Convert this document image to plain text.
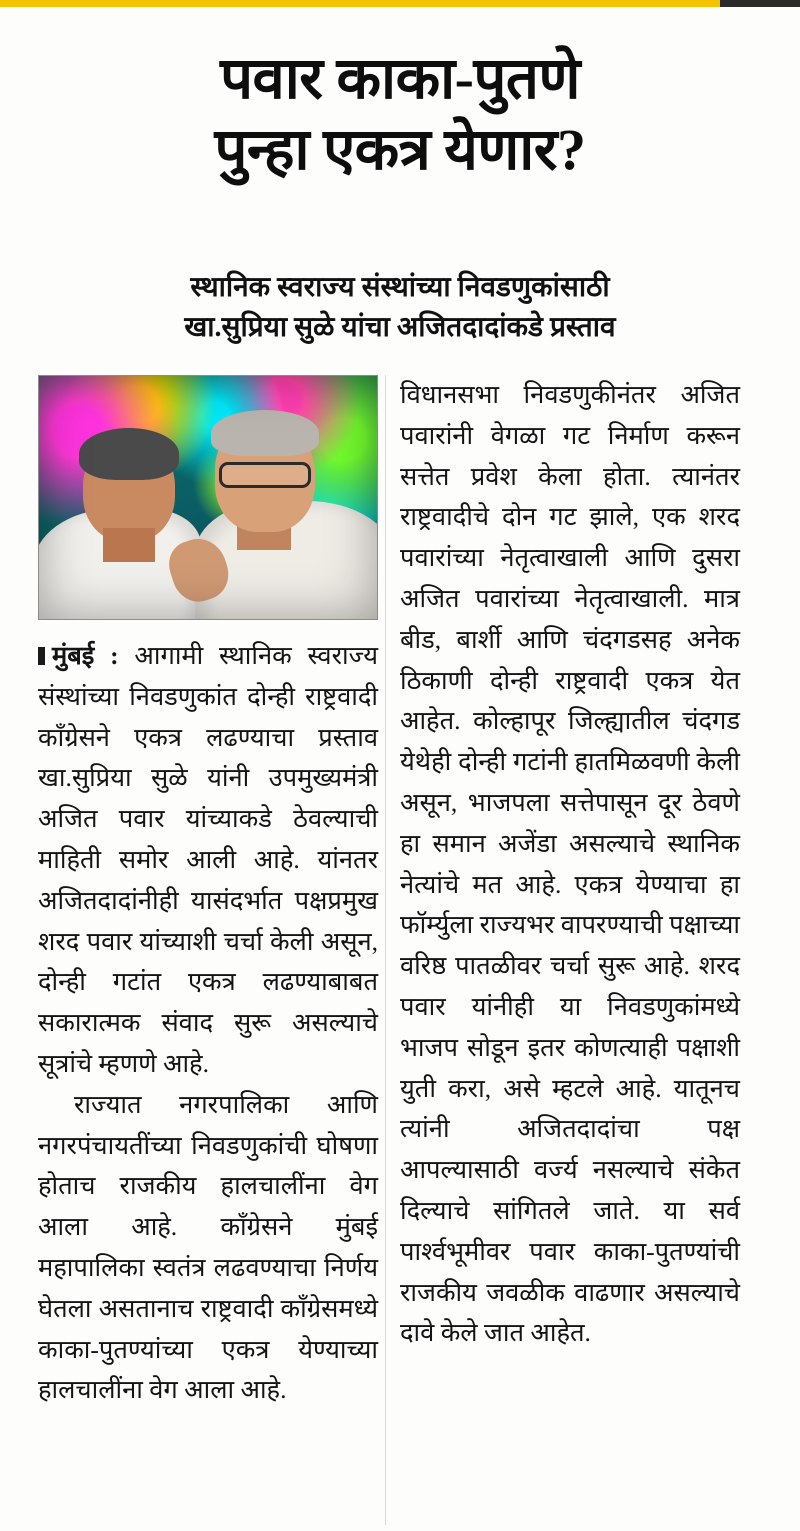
पवार काका-पुतणे
पुन्हा एकत्र येणार?
स्थानिक स्वराज्य संस्थांच्या निवडणुकांसाठी
खा.सुप्रिया सुळे यांचा अजितदादांकडे प्रस्ताव

मुंबई : आगामी स्थानिक स्वराज्य संस्थांच्या निवडणुकांत दोन्ही राष्ट्रवादी काँग्रेसने एकत्र लढण्याचा प्रस्ताव खा.सुप्रिया सुळे यांनी उपमुख्यमंत्री अजित पवार यांच्याकडे ठेवल्याची माहिती समोर आली आहे. यांनतर अजितदादांनीही यासंदर्भात पक्षप्रमुख शरद पवार यांच्याशी चर्चा केली असून, दोन्ही गटांत एकत्र लढण्याबाबत सकारात्मक संवाद सुरू असल्याचे सूत्रांचे म्हणणे आहे.

राज्यात नगरपालिका आणि नगरपंचायतींच्या निवडणुकांची घोषणा होताच राजकीय हालचालींना वेग आला आहे. काँग्रेसने मुंबई महापालिका स्वतंत्र लढवण्याचा निर्णय घेतला असतानाच राष्ट्रवादी काँग्रेसमध्ये काका-पुतण्यांच्या एकत्र येण्याच्या हालचालींना वेग आला आहे.

विधानसभा निवडणुकीनंतर अजित पवारांनी वेगळा गट निर्माण करून सत्तेत प्रवेश केला होता. त्यानंतर राष्ट्रवादीचे दोन गट झाले, एक शरद पवारांच्या नेतृत्वाखाली आणि दुसरा अजित पवारांच्या नेतृत्वाखाली. मात्र बीड, बार्शी आणि चंदगडसह अनेक ठिकाणी दोन्ही राष्ट्रवादी एकत्र येत आहेत. कोल्हापूर जिल्ह्यातील चंदगड येथेही दोन्ही गटांनी हातमिळवणी केली असून, भाजपला सत्तेपासून दूर ठेवणे हा समान अजेंडा असल्याचे स्थानिक नेत्यांचे मत आहे. एकत्र येण्याचा हा फॉर्म्युला राज्यभर वापरण्याची पक्षाच्या वरिष्ठ पातळीवर चर्चा सुरू आहे. शरद पवार यांनीही या निवडणुकांमध्ये भाजप सोडून इतर कोणत्याही पक्षाशी युती करा, असे म्हटले आहे. यातूनच त्यांनी अजितदादांचा पक्ष आपल्यासाठी वर्ज्य नसल्याचे संकेत दिल्याचे सांगितले जाते. या सर्व पार्श्वभूमीवर पवार काका-पुतण्यांची राजकीय जवळीक वाढणार असल्याचे दावे केले जात आहेत.
